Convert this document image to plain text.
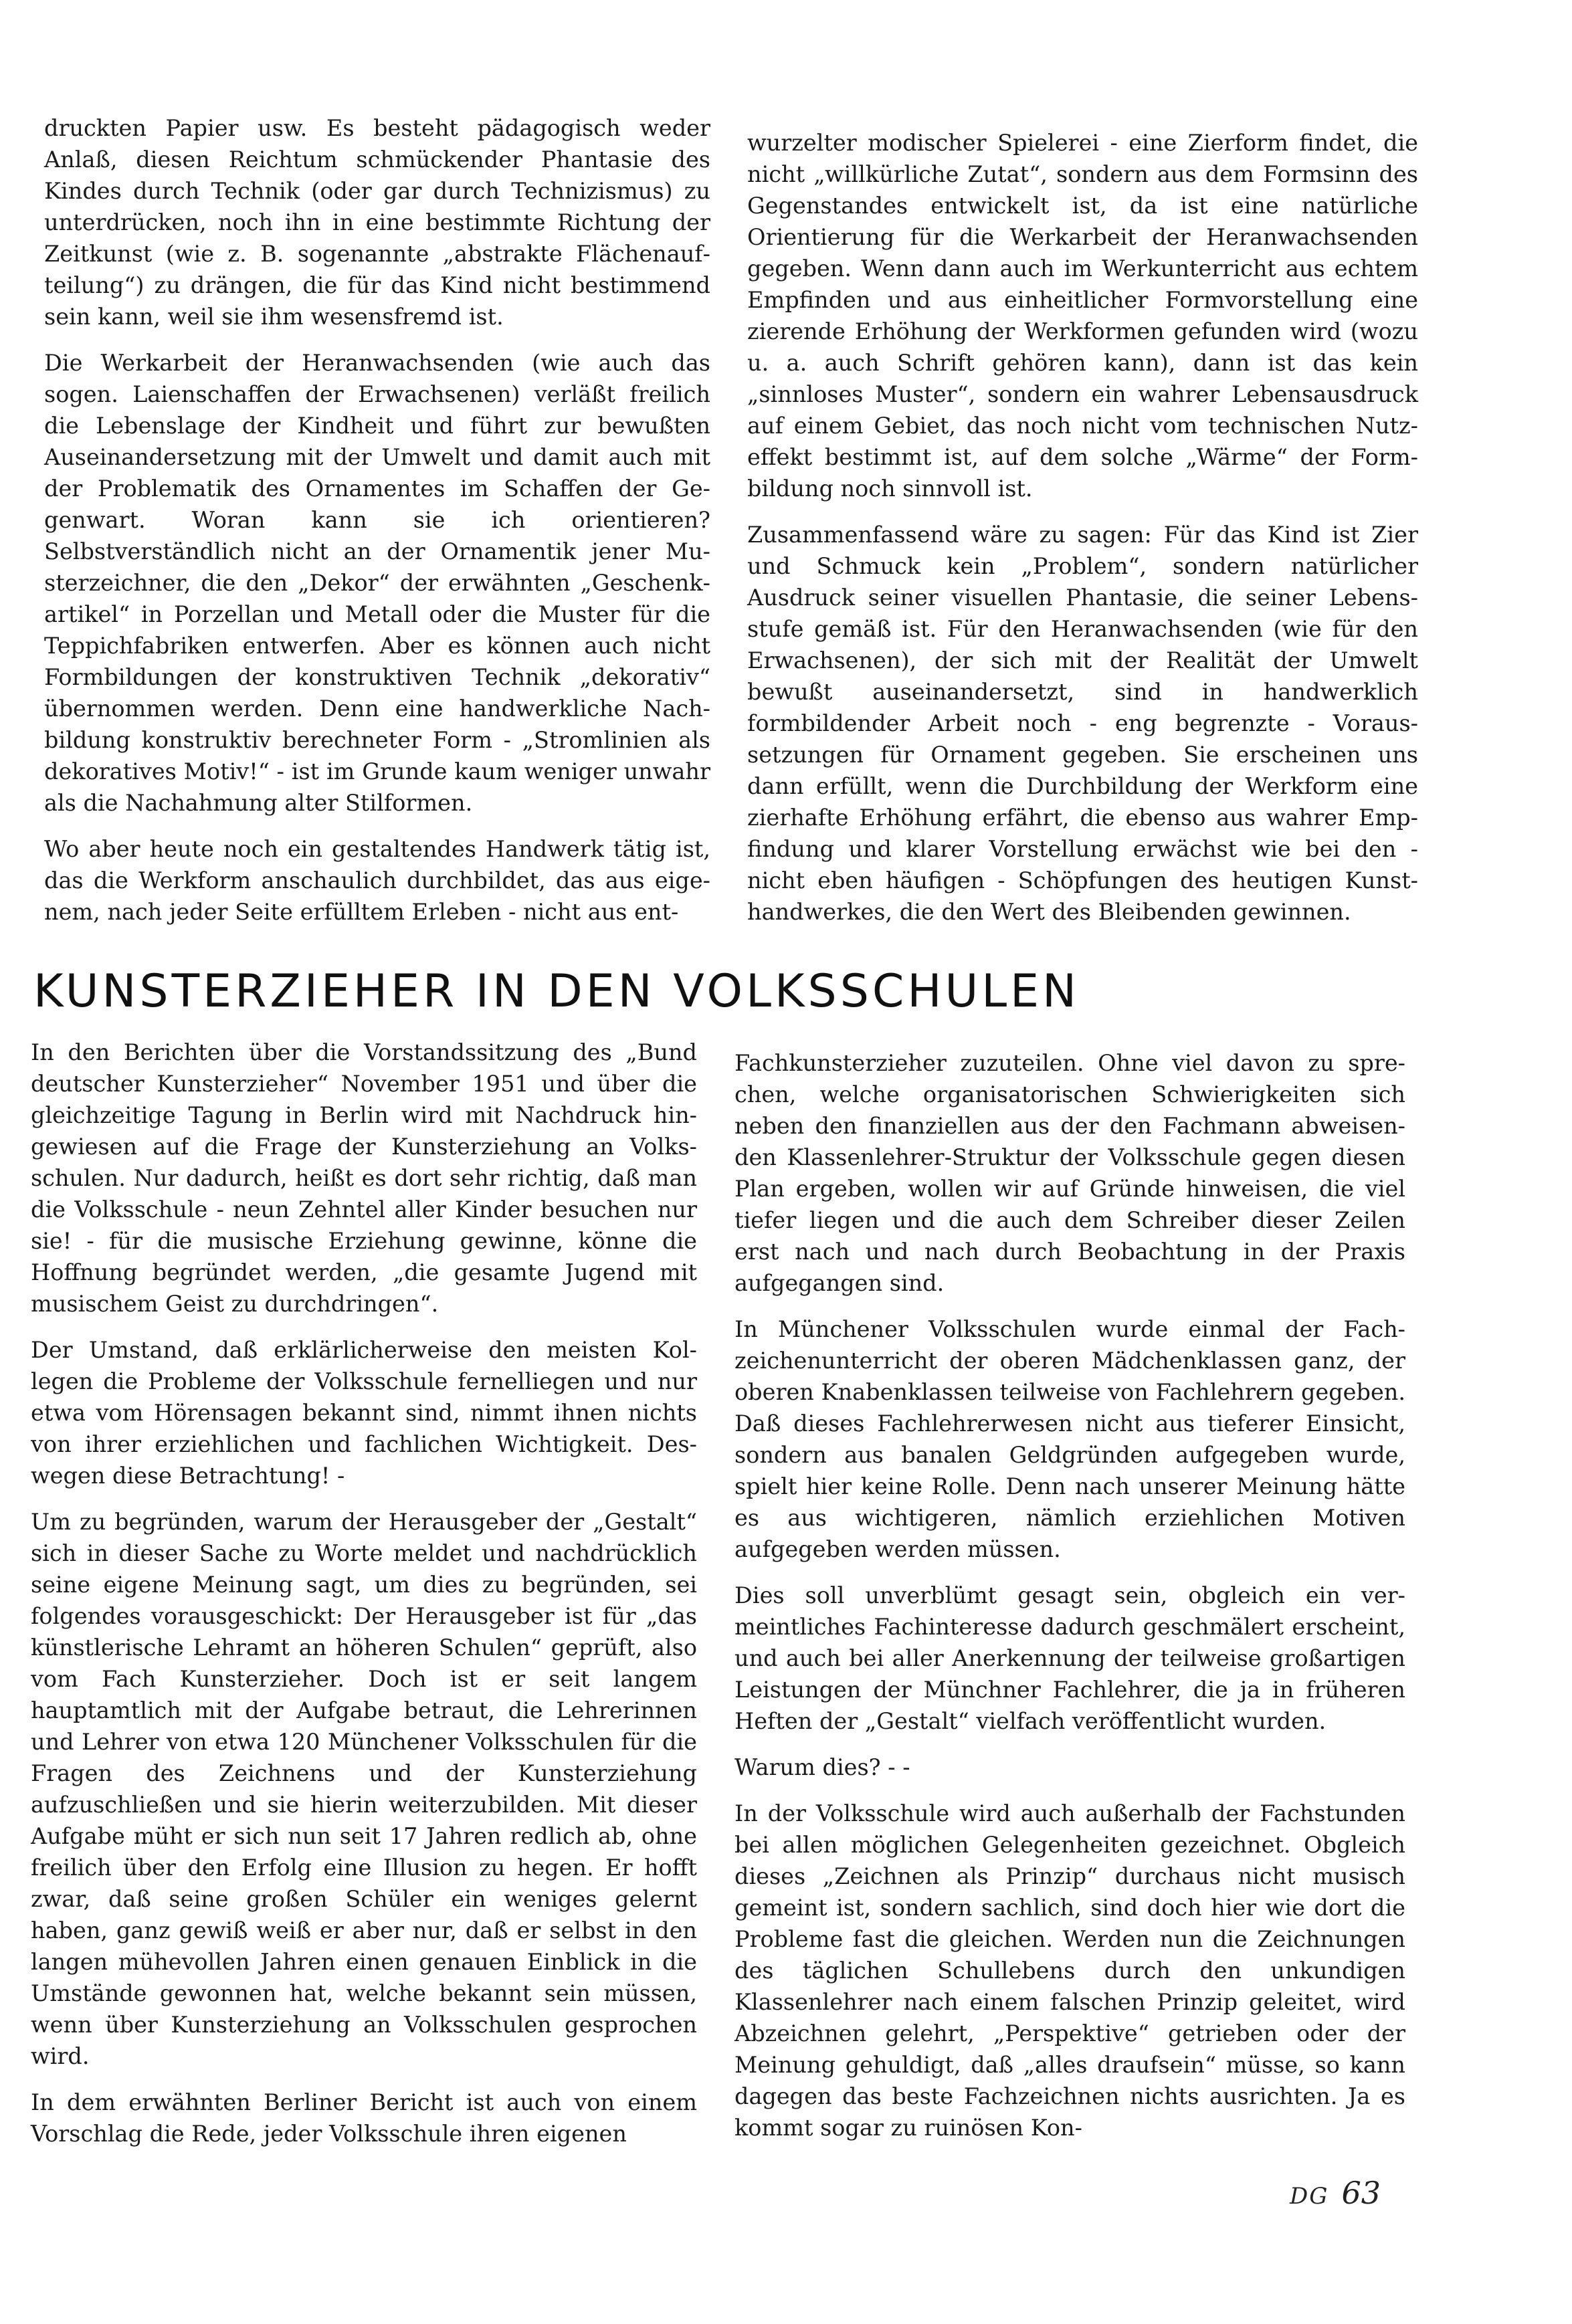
druckten Papier usw. Es besteht pädagogisch weder Anlaß, diesen Reichtum schmückender Phantasie des Kindes durch Technik (oder gar durch Technizismus) zu unterdrücken, noch ihn in eine bestimmte Richtung der Zeitkunst (wie z. B. sogenannte „abstrakte Flächenaufteilung“) zu drängen, die für das Kind nicht bestimmend sein kann, weil sie ihm wesensfremd ist.

Die Werkarbeit der Heranwachsenden (wie auch das sogen. Laienschaffen der Erwachsenen) verläßt freilich die Lebenslage der Kindheit und führt zur bewußten Auseinandersetzung mit der Umwelt und damit auch mit der Problematik des Ornamentes im Schaffen der Gegenwart. Woran kann sie ich orientieren? Selbstverständlich nicht an der Ornamentik jener Musterzeichner, die den „Dekor“ der erwähnten „Geschenkartikel“ in Porzellan und Metall oder die Muster für die Teppichfabriken entwerfen. Aber es können auch nicht Formbildungen der konstruktiven Technik „dekorativ“ übernommen werden. Denn eine handwerkliche Nachbildung konstruktiv berechneter Form - „Stromlinien als dekoratives Motiv!“ - ist im Grunde kaum weniger unwahr als die Nachahmung alter Stilformen.

Wo aber heute noch ein gestaltendes Handwerk tätig ist, das die Werkform anschaulich durchbildet, das aus eigenem, nach jeder Seite erfülltem Erleben - nicht aus ent-

wurzelter modischer Spielerei - eine Zierform findet, die nicht „willkürliche Zutat“, sondern aus dem Formsinn des Gegenstandes entwickelt ist, da ist eine natürliche Orientierung für die Werkarbeit der Heranwachsenden gegeben. Wenn dann auch im Werkunterricht aus echtem Empfinden und aus einheitlicher Formvorstellung eine zierende Erhöhung der Werkformen gefunden wird (wozu u. a. auch Schrift gehören kann), dann ist das kein „sinnloses Muster“, sondern ein wahrer Lebensausdruck auf einem Gebiet, das noch nicht vom technischen Nutzeffekt bestimmt ist, auf dem solche „Wärme“ der Formbildung noch sinnvoll ist.

Zusammenfassend wäre zu sagen: Für das Kind ist Zier und Schmuck kein „Problem“, sondern natürlicher Ausdruck seiner visuellen Phantasie, die seiner Lebensstufe gemäß ist. Für den Heranwachsenden (wie für den Erwachsenen), der sich mit der Realität der Umwelt bewußt auseinandersetzt, sind in handwerklich formbildender Arbeit noch - eng begrenzte - Voraussetzungen für Ornament gegeben. Sie erscheinen uns dann erfüllt, wenn die Durchbildung der Werkform eine zierhafte Erhöhung erfährt, die ebenso aus wahrer Empfindung und klarer Vorstellung erwächst wie bei den - nicht eben häufigen - Schöpfungen des heutigen Kunsthandwerkes, die den Wert des Bleibenden gewinnen.

KUNSTERZIEHER IN DEN VOLKSSCHULEN

In den Berichten über die Vorstandssitzung des „Bund deutscher Kunsterzieher“ November 1951 und über die gleichzeitige Tagung in Berlin wird mit Nachdruck hingewiesen auf die Frage der Kunsterziehung an Volksschulen. Nur dadurch, heißt es dort sehr richtig, daß man die Volksschule - neun Zehntel aller Kinder besuchen nur sie! - für die musische Erziehung gewinne, könne die Hoffnung begründet werden, „die gesamte Jugend mit musischem Geist zu durchdringen“.

Der Umstand, daß erklärlicherweise den meisten Kollegen die Probleme der Volksschule fernelliegen und nur etwa vom Hörensagen bekannt sind, nimmt ihnen nichts von ihrer erziehlichen und fachlichen Wichtigkeit. Deswegen diese Betrachtung! -

Um zu begründen, warum der Herausgeber der „Gestalt“ sich in dieser Sache zu Worte meldet und nachdrücklich seine eigene Meinung sagt, um dies zu begründen, sei folgendes vorausgeschickt: Der Herausgeber ist für „das künstlerische Lehramt an höheren Schulen“ geprüft, also vom Fach Kunsterzieher. Doch ist er seit langem hauptamtlich mit der Aufgabe betraut, die Lehrerinnen und Lehrer von etwa 120 Münchener Volksschulen für die Fragen des Zeichnens und der Kunsterziehung aufzuschließen und sie hierin weiterzubilden. Mit dieser Aufgabe müht er sich nun seit 17 Jahren redlich ab, ohne freilich über den Erfolg eine Illusion zu hegen. Er hofft zwar, daß seine großen Schüler ein weniges gelernt haben, ganz gewiß weiß er aber nur, daß er selbst in den langen mühevollen Jahren einen genauen Einblick in die Umstände gewonnen hat, welche bekannt sein müssen, wenn über Kunsterziehung an Volksschulen gesprochen wird.

In dem erwähnten Berliner Bericht ist auch von einem Vorschlag die Rede, jeder Volksschule ihren eigenen

Fachkunsterzieher zuzuteilen. Ohne viel davon zu sprechen, welche organisatorischen Schwierigkeiten sich neben den finanziellen aus der den Fachmann abweisenden Klassenlehrer-Struktur der Volksschule gegen diesen Plan ergeben, wollen wir auf Gründe hinweisen, die viel tiefer liegen und die auch dem Schreiber dieser Zeilen erst nach und nach durch Beobachtung in der Praxis aufgegangen sind.

In Münchener Volksschulen wurde einmal der Fachzeichenunterricht der oberen Mädchenklassen ganz, der oberen Knabenklassen teilweise von Fachlehrern gegeben. Daß dieses Fachlehrerwesen nicht aus tieferer Einsicht, sondern aus banalen Geldgründen aufgegeben wurde, spielt hier keine Rolle. Denn nach unserer Meinung hätte es aus wichtigeren, nämlich erziehlichen Motiven aufgegeben werden müssen.

Dies soll unverblümt gesagt sein, obgleich ein vermeintliches Fachinteresse dadurch geschmälert erscheint, und auch bei aller Anerkennung der teilweise großartigen Leistungen der Münchner Fachlehrer, die ja in früheren Heften der „Gestalt“ vielfach veröffentlicht wurden.

Warum dies? - -

In der Volksschule wird auch außerhalb der Fachstunden bei allen möglichen Gelegenheiten gezeichnet. Obgleich dieses „Zeichnen als Prinzip“ durchaus nicht musisch gemeint ist, sondern sachlich, sind doch hier wie dort die Probleme fast die gleichen. Werden nun die Zeichnungen des täglichen Schullebens durch den unkundigen Klassenlehrer nach einem falschen Prinzip geleitet, wird Abzeichnen gelehrt, „Perspektive“ getrieben oder der Meinung gehuldigt, daß „alles draufsein“ müsse, so kann dagegen das beste Fachzeichnen nichts ausrichten. Ja es kommt sogar zu ruinösen Kon-

DG 63
